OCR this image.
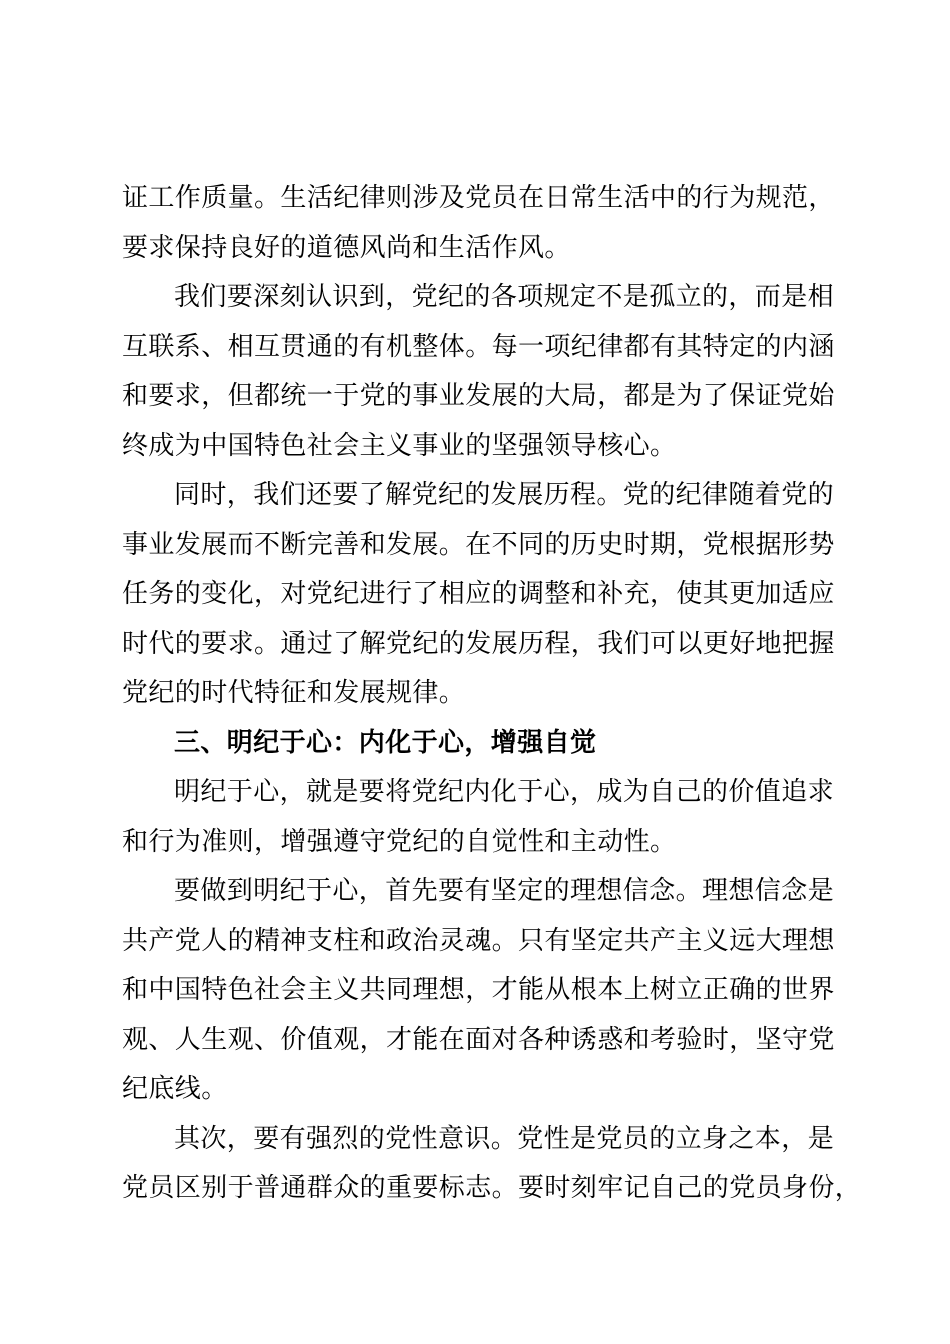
证工作质量。生活纪律则涉及党员在日常生活中的行为规范，
要求保持良好的道德风尚和生活作风。

我们要深刻认识到，党纪的各项规定不是孤立的，而是相
互联系、相互贯通的有机整体。每一项纪律都有其特定的内涵
和要求，但都统一于党的事业发展的大局，都是为了保证党始
终成为中国特色社会主义事业的坚强领导核心。

同时，我们还要了解党纪的发展历程。党的纪律随着党的
事业发展而不断完善和发展。在不同的历史时期，党根据形势
任务的变化，对党纪进行了相应的调整和补充，使其更加适应
时代的要求。通过了解党纪的发展历程，我们可以更好地把握
党纪的时代特征和发展规律。

三、明纪于心：内化于心，增强自觉

明纪于心，就是要将党纪内化于心，成为自己的价值追求
和行为准则，增强遵守党纪的自觉性和主动性。

要做到明纪于心，首先要有坚定的理想信念。理想信念是
共产党人的精神支柱和政治灵魂。只有坚定共产主义远大理想
和中国特色社会主义共同理想，才能从根本上树立正确的世界
观、人生观、价值观，才能在面对各种诱惑和考验时，坚守党
纪底线。

其次，要有强烈的党性意识。党性是党员的立身之本，是
党员区别于普通群众的重要标志。要时刻牢记自己的党员身份，
